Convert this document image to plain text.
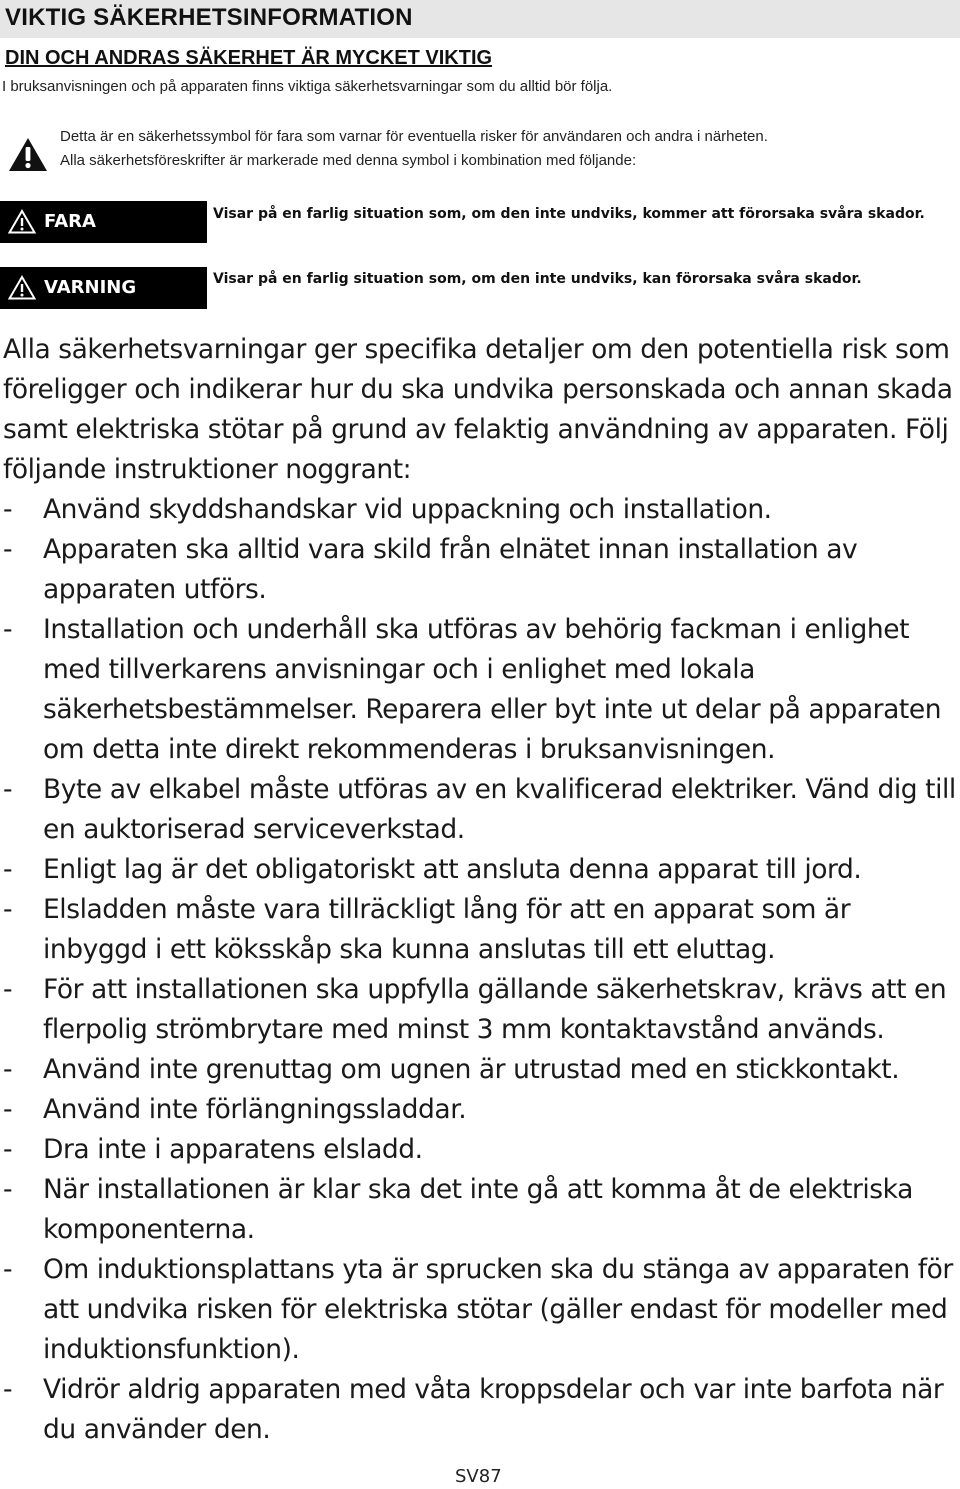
VIKTIG SÄKERHETSINFORMATION
DIN OCH ANDRAS SÄKERHET ÄR MYCKET VIKTIG
I bruksanvisningen och på apparaten finns viktiga säkerhetsvarningar som du alltid bör följa.
Detta är en säkerhetssymbol för fara som varnar för eventuella risker för användaren och andra i närheten.
Alla säkerhetsföreskrifter är markerade med denna symbol i kombination med följande:
FARA	Visar på en farlig situation som, om den inte undviks, kommer att förorsaka svåra skador.
VARNING	Visar på en farlig situation som, om den inte undviks, kan förorsaka svåra skador.

Alla säkerhetsvarningar ger specifika detaljer om den potentiella risk som föreligger och indikerar hur du ska undvika personskada och annan skada samt elektriska stötar på grund av felaktig användning av apparaten. Följ följande instruktioner noggrant:

- Använd skyddshandskar vid uppackning och installation.
- Apparaten ska alltid vara skild från elnätet innan installation av apparaten utförs.
- Installation och underhåll ska utföras av behörig fackman i enlighet med tillverkarens anvisningar och i enlighet med lokala säkerhetsbestämmelser. Reparera eller byt inte ut delar på apparaten om detta inte direkt rekommenderas i bruksanvisningen.
- Byte av elkabel måste utföras av en kvalificerad elektriker. Vänd dig till en auktoriserad serviceverkstad.
- Enligt lag är det obligatoriskt att ansluta denna apparat till jord.
- Elsladden måste vara tillräckligt lång för att en apparat som är inbyggd i ett köksskåp ska kunna anslutas till ett eluttag.
- För att installationen ska uppfylla gällande säkerhetskrav, krävs att en flerpolig strömbrytare med minst 3 mm kontaktavstånd används.
- Använd inte grenuttag om ugnen är utrustad med en stickkontakt.
- Använd inte förlängningssladdar.
- Dra inte i apparatens elsladd.
- När installationen är klar ska det inte gå att komma åt de elektriska komponenterna.
- Om induktionsplattans yta är sprucken ska du stänga av apparaten för att undvika risken för elektriska stötar (gäller endast för modeller med induktionsfunktion).
- Vidrör aldrig apparaten med våta kroppsdelar och var inte barfota när du använder den.
SV87
